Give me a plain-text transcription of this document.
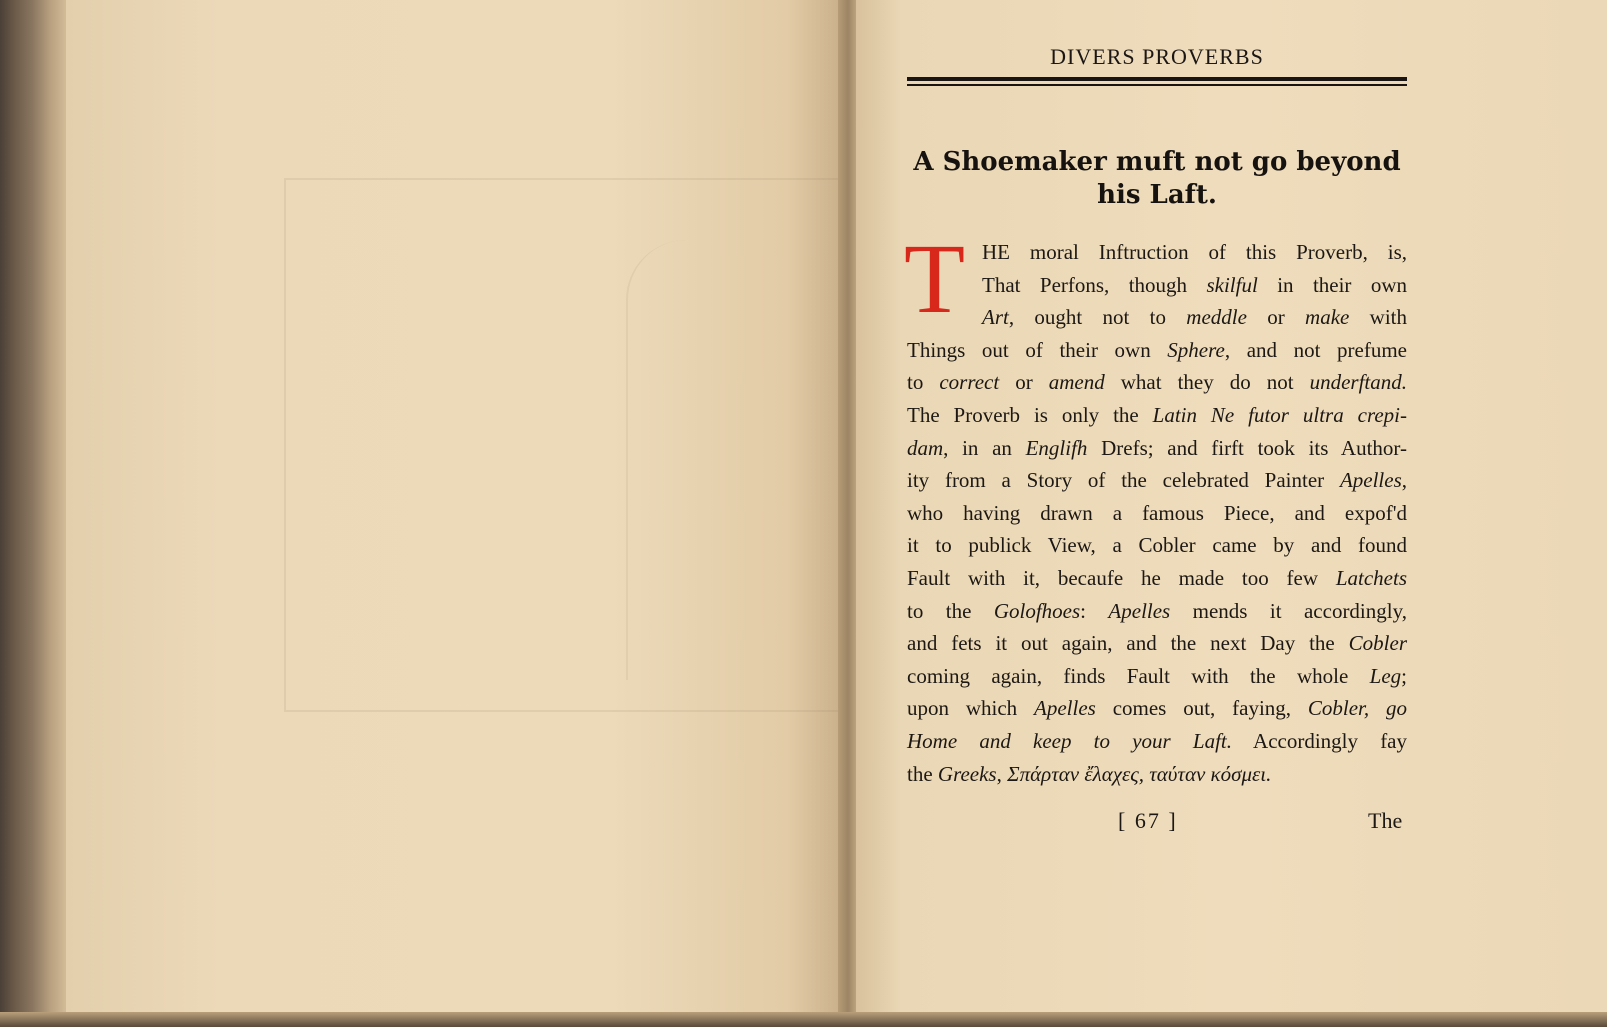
DIVERS PROVERBS
A Shoemaker muft not go beyond
his Laft.
T HE moral Inftruction of this Proverb, is,
That Perfons, though skilful in their own
Art, ought not to meddle or make with
Things out of their own Sphere, and not prefume
to correct or amend what they do not underftand.
The Proverb is only the Latin Ne futor ultra crepi-
dam, in an Englifh Drefs; and firft took its Author-
ity from a Story of the celebrated Painter Apelles,
who having drawn a famous Piece, and expof'd
it to publick View, a Cobler came by and found
Fault with it, becaufe he made too few Latchets
to the Golofhoes: Apelles mends it accordingly,
and fets it out again, and the next Day the Cobler
coming again, finds Fault with the whole Leg;
upon which Apelles comes out, faying, Cobler, go
Home and keep to your Laft. Accordingly fay
the Greeks, Σπάρταν ἔλαχες, ταύταν κόσμει.
[ 67 ]	The
